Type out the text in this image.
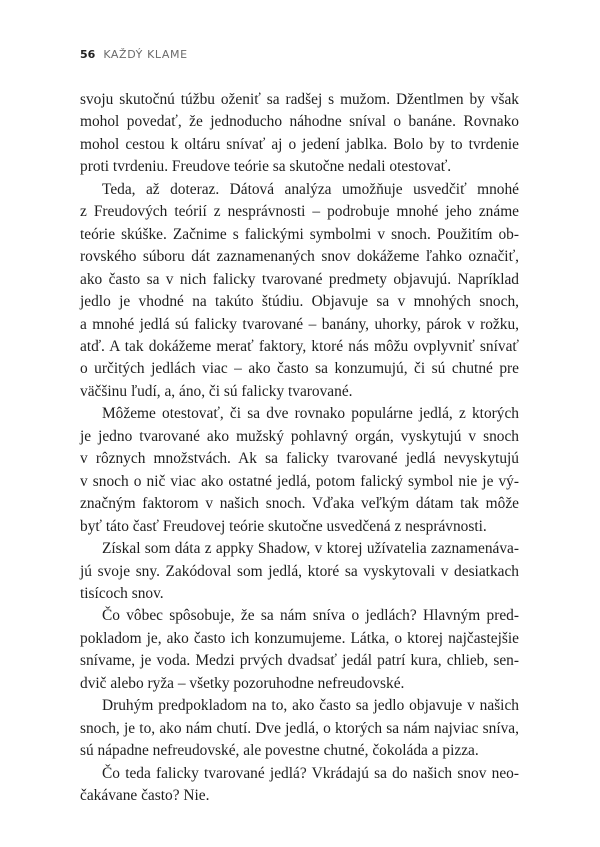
56 KAŽDÝ KLAME

svoju skutočnú túžbu oženiť sa radšej s mužom. Džentlmen by však
mohol povedať, že jednoducho náhodne sníval o banáne. Rovnako
mohol cestou k oltáru snívať aj o jedení jablka. Bolo by to tvrdenie
proti tvrdeniu. Freudove teórie sa skutočne nedali otestovať.

Teda, až doteraz. Dátová analýza umožňuje usvedčiť mnohé
z Freudových teórií z nesprávnosti – podrobuje mnohé jeho známe
teórie skúške. Začnime s falickými symbolmi v snoch. Použitím ob-
rovského súboru dát zaznamenaných snov dokážeme ľahko označiť,
ako často sa v nich falicky tvarované predmety objavujú. Napríklad
jedlo je vhodné na takúto štúdiu. Objavuje sa v mnohých snoch,
a mnohé jedlá sú falicky tvarované – banány, uhorky, párok v rožku,
atď. A tak dokážeme merať faktory, ktoré nás môžu ovplyvniť snívať
o určitých jedlách viac – ako často sa konzumujú, či sú chutné pre
väčšinu ľudí, a, áno, či sú falicky tvarované.

Môžeme otestovať, či sa dve rovnako populárne jedlá, z ktorých
je jedno tvarované ako mužský pohlavný orgán, vyskytujú v snoch
v rôznych množstvách. Ak sa falicky tvarované jedlá nevyskytujú
v snoch o nič viac ako ostatné jedlá, potom falický symbol nie je vý-
značným faktorom v našich snoch. Vďaka veľkým dátam tak môže
byť táto časť Freudovej teórie skutočne usvedčená z nesprávnosti.

Získal som dáta z appky Shadow, v ktorej užívatelia zaznamenáva-
jú svoje sny. Zakódoval som jedlá, ktoré sa vyskytovali v desiatkach
tisícoch snov.

Čo vôbec spôsobuje, že sa nám sníva o jedlách? Hlavným pred-
pokladom je, ako často ich konzumujeme. Látka, o ktorej najčastejšie
snívame, je voda. Medzi prvých dvadsať jedál patrí kura, chlieb, sen-
dvič alebo ryža – všetky pozoruhodne nefreudovské.

Druhým predpokladom na to, ako často sa jedlo objavuje v našich
snoch, je to, ako nám chutí. Dve jedlá, o ktorých sa nám najviac sníva,
sú nápadne nefreudovské, ale povestne chutné, čokoláda a pizza.

Čo teda falicky tvarované jedlá? Vkrádajú sa do našich snov neo-
čakávane často? Nie.
